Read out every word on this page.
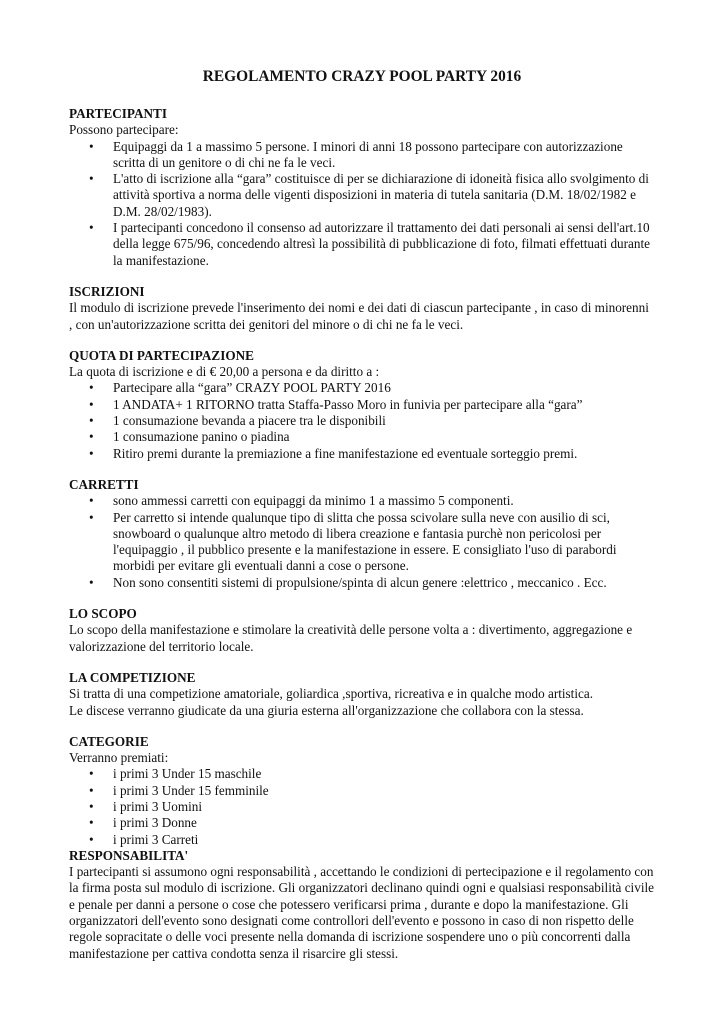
REGOLAMENTO CRAZY POOL PARTY 2016

PARTECIPANTI

Possono partecipare:

• Equipaggi da 1 a massimo 5 persone. I minori di anni 18 possono partecipare con autorizzazione scritta di un genitore o di chi ne fa le veci.
• L'atto di iscrizione alla “gara” costituisce di per se dichiarazione di idoneità fisica allo svolgimento di attività sportiva a norma delle vigenti disposizioni in materia di tutela sanitaria (D.M. 18/02/1982 e D.M. 28/02/1983).
• I partecipanti concedono il consenso ad autorizzare il trattamento dei dati personali ai sensi dell'art.10 della legge 675/96, concedendo altresì la possibilità di pubblicazione di foto, filmati effettuati durante la manifestazione.

ISCRIZIONI

Il modulo di iscrizione prevede l'inserimento dei nomi e dei dati di ciascun partecipante , in caso di minorenni , con un'autorizzazione scritta dei genitori del minore o di chi ne fa le veci.

QUOTA DI PARTECIPAZIONE

La quota di iscrizione e di € 20,00 a persona e da diritto a :

• Partecipare alla “gara” CRAZY POOL PARTY 2016
• 1 ANDATA+ 1 RITORNO tratta Staffa-Passo Moro in funivia per partecipare alla “gara”
• 1 consumazione bevanda a piacere tra le disponibili
• 1 consumazione panino o piadina
• Ritiro premi durante la premiazione a fine manifestazione ed eventuale sorteggio premi.

CARRETTI

• sono ammessi carretti con equipaggi da minimo 1 a massimo 5 componenti.
• Per carretto si intende qualunque tipo di slitta che possa scivolare sulla neve con ausilio di sci, snowboard o qualunque altro metodo di libera creazione e fantasia purchè non pericolosi per l'equipaggio , il pubblico presente e la manifestazione in essere. E consigliato l'uso di parabordi morbidi per evitare gli eventuali danni a cose o persone.
• Non sono consentiti sistemi di propulsione/spinta di alcun genere :elettrico , meccanico . Ecc.

LO SCOPO

Lo scopo della manifestazione e stimolare la creatività delle persone volta a : divertimento, aggregazione e valorizzazione del territorio locale.

LA COMPETIZIONE

Si tratta di una competizione amatoriale, goliardica ,sportiva, ricreativa e in qualche modo artistica.

Le discese verranno giudicate da una giuria esterna all'organizzazione che collabora con la stessa.

CATEGORIE

Verranno premiati:

• i primi 3 Under 15 maschile
• i primi 3 Under 15 femminile
• i primi 3 Uomini
• i primi 3 Donne
• i primi 3 Carreti

RESPONSABILITA'

I partecipanti si assumono ogni responsabilità , accettando le condizioni di pertecipazione e il regolamento con la firma posta sul modulo di iscrizione. Gli organizzatori declinano quindi ogni e qualsiasi responsabilità civile e penale per danni a persone o cose che potessero verificarsi prima , durante e dopo la manifestazione. Gli organizzatori dell'evento sono designati come controllori dell'evento e possono in caso di non rispetto delle regole sopracitate o delle voci presente nella domanda di iscrizione sospendere uno o più concorrenti dalla manifestazione per cattiva condotta senza il risarcire gli stessi.
